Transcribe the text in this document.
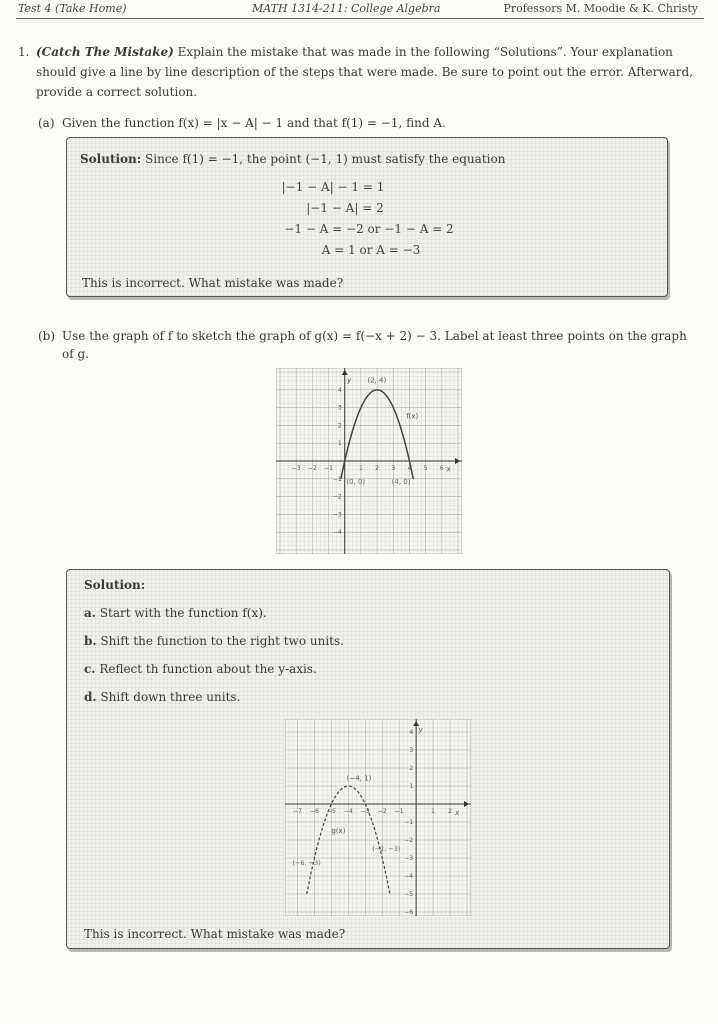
Test 4 (Take Home)	MATH 1314-211: College Algebra	Professors M. Moodie & K. Christy
1. (Catch The Mistake) Explain the mistake that was made in the following “Solutions”. Your explanation
should give a line by line description of the steps that were made. Be sure to point out the error. Afterward,
provide a correct solution.
(a) Given the function f(x) = |x − A| − 1 and that f(1) = −1, find A.
Solution: Since f(1) = −1, the point (−1, 1) must satisfy the equation
|−1 − A| − 1 = 1
|−1 − A| = 2
−1 − A = −2 or −1 − A = 2
A = 1 or A = −3
This is incorrect. What mistake was made?
(b) Use the graph of f to sketch the graph of g(x) = f(−x + 2) − 3. Label at least three points on the graph
of g.
−3 −2 −1	1 2 3 4 5 6
−4
−3
−2
−1
1
2
3
4
(2, 4)
f(x)
y
x
(0, 0)	(4, 0)
Solution:
a. Start with the function f(x).
b. Shift the function to the right two units.
c. Reflect th function about the y-axis.
d. Shift down three units.
−7 −6 −5 −4 −3 −2 −1	1 2
−6
−5
−4
−3
−2
−1
1
2
3
4
(−4, 1)
g(x)
y
x
(−6, −3)
(−2, −3)
This is incorrect. What mistake was made?
